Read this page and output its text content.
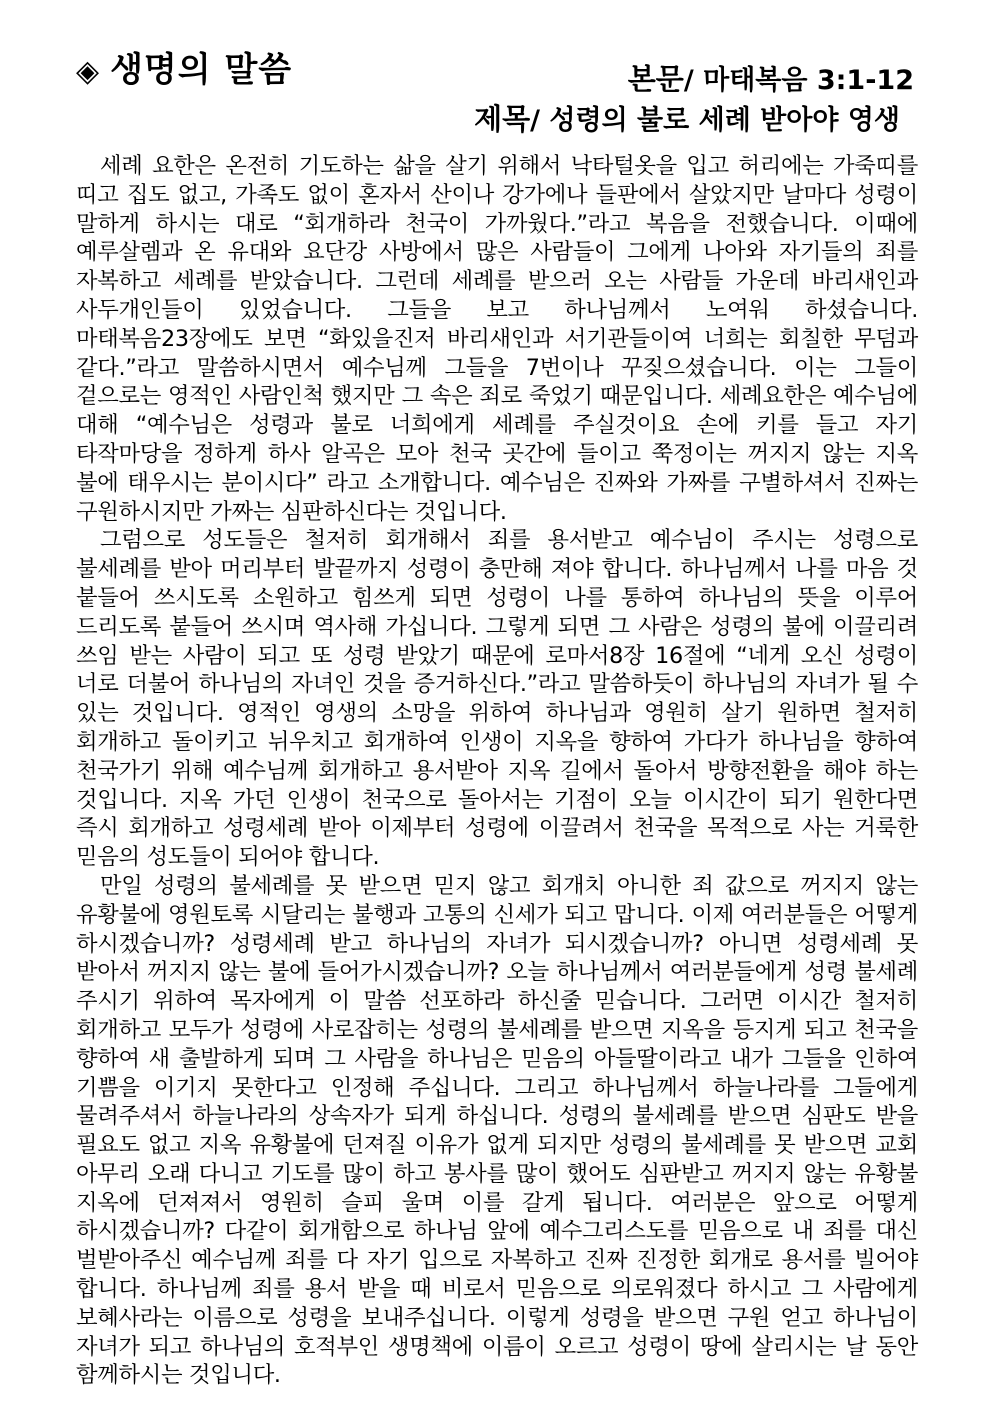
◈ 생명의 말씀	본문/ 마태복음 3:1-12
제목/ 성령의 불로 세례 받아야 영생

세례 요한은 온전히 기도하는 삶을 살기 위해서 낙타털옷을 입고 허리에는 가죽띠를 띠고 집도 없고, 가족도 없이 혼자서 산이나 강가에나 들판에서 살았지만 날마다 성령이 말하게 하시는 대로 “회개하라 천국이 가까웠다.”라고 복음을 전했습니다. 이때에 예루살렘과 온 유대와 요단강 사방에서 많은 사람들이 그에게 나아와 자기들의 죄를 자복하고 세례를 받았습니다. 그런데 세례를 받으러 오는 사람들 가운데 바리새인과 사두개인들이 있었습니다. 그들을 보고 하나님께서 노여워 하셨습니다. 마태복음23장에도 보면 “화있을진저 바리새인과 서기관들이여 너희는 회칠한 무덤과 같다.”라고 말씀하시면서 예수님께 그들을 7번이나 꾸짖으셨습니다. 이는 그들이 겉으로는 영적인 사람인척 했지만 그 속은 죄로 죽었기 때문입니다. 세례요한은 예수님에 대해 “예수님은 성령과 불로 너희에게 세례를 주실것이요 손에 키를 들고 자기 타작마당을 정하게 하사 알곡은 모아 천국 곳간에 들이고 쭉정이는 꺼지지 않는 지옥 불에 태우시는 분이시다” 라고 소개합니다. 예수님은 진짜와 가짜를 구별하셔서 진짜는 구원하시지만 가짜는 심판하신다는 것입니다.

그럼으로 성도들은 철저히 회개해서 죄를 용서받고 예수님이 주시는 성령으로 불세례를 받아 머리부터 발끝까지 성령이 충만해 져야 합니다. 하나님께서 나를 마음 것 붙들어 쓰시도록 소원하고 힘쓰게 되면 성령이 나를 통하여 하나님의 뜻을 이루어 드리도록 붙들어 쓰시며 역사해 가십니다. 그렇게 되면 그 사람은 성령의 불에 이끌리려 쓰임 받는 사람이 되고 또 성령 받았기 때문에 로마서8장 16절에 “네게 오신 성령이 너로 더불어 하나님의 자녀인 것을 증거하신다.”라고 말씀하듯이 하나님의 자녀가 될 수 있는 것입니다. 영적인 영생의 소망을 위하여 하나님과 영원히 살기 원하면 철저히 회개하고 돌이키고 뉘우치고 회개하여 인생이 지옥을 향하여 가다가 하나님을 향하여 천국가기 위해 예수님께 회개하고 용서받아 지옥 길에서 돌아서 방향전환을 해야 하는 것입니다. 지옥 가던 인생이 천국으로 돌아서는 기점이 오늘 이시간이 되기 원한다면 즉시 회개하고 성령세례 받아 이제부터 성령에 이끌려서 천국을 목적으로 사는 거룩한 믿음의 성도들이 되어야 합니다.

만일 성령의 불세례를 못 받으면 믿지 않고 회개치 아니한 죄 값으로 꺼지지 않는 유황불에 영원토록 시달리는 불행과 고통의 신세가 되고 맙니다. 이제 여러분들은 어떻게 하시겠습니까? 성령세례 받고 하나님의 자녀가 되시겠습니까? 아니면 성령세례 못 받아서 꺼지지 않는 불에 들어가시겠습니까? 오늘 하나님께서 여러분들에게 성령 불세례 주시기 위하여 목자에게 이 말씀 선포하라 하신줄 믿습니다. 그러면 이시간 철저히 회개하고 모두가 성령에 사로잡히는 성령의 불세례를 받으면 지옥을 등지게 되고 천국을 향하여 새 출발하게 되며 그 사람을 하나님은 믿음의 아들딸이라고 내가 그들을 인하여 기쁨을 이기지 못한다고 인정해 주십니다. 그리고 하나님께서 하늘나라를 그들에게 물려주셔서 하늘나라의 상속자가 되게 하십니다. 성령의 불세례를 받으면 심판도 받을 필요도 없고 지옥 유황불에 던져질 이유가 없게 되지만 성령의 불세례를 못 받으면 교회 아무리 오래 다니고 기도를 많이 하고 봉사를 많이 했어도 심판받고 꺼지지 않는 유황불 지옥에 던져져서 영원히 슬피 울며 이를 갈게 됩니다. 여러분은 앞으로 어떻게 하시겠습니까? 다같이 회개함으로 하나님 앞에 예수그리스도를 믿음으로 내 죄를 대신 벌받아주신 예수님께 죄를 다 자기 입으로 자복하고 진짜 진정한 회개로 용서를 빌어야 합니다. 하나님께 죄를 용서 받을 때 비로서 믿음으로 의로워졌다 하시고 그 사람에게 보혜사라는 이름으로 성령을 보내주십니다. 이렇게 성령을 받으면 구원 얻고 하나님이 자녀가 되고 하나님의 호적부인 생명책에 이름이 오르고 성령이 땅에 살리시는 날 동안 함께하시는 것입니다.
